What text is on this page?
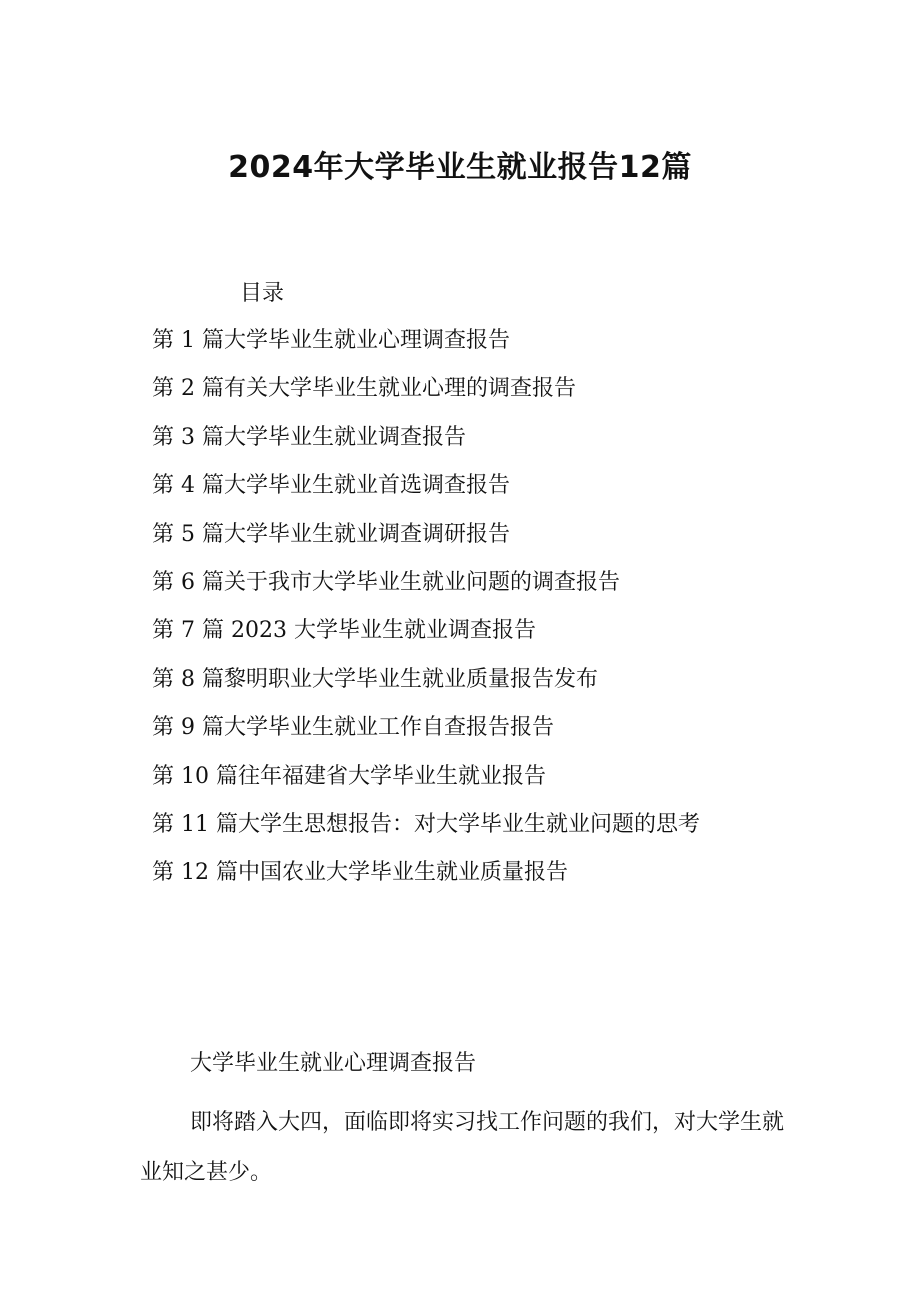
2024年大学毕业生就业报告12篇
目录
第 1 篇大学毕业生就业心理调查报告
第 2 篇有关大学毕业生就业心理的调查报告
第 3 篇大学毕业生就业调查报告
第 4 篇大学毕业生就业首选调查报告
第 5 篇大学毕业生就业调查调研报告
第 6 篇关于我市大学毕业生就业问题的调查报告
第 7 篇 2023 大学毕业生就业调查报告
第 8 篇黎明职业大学毕业生就业质量报告发布
第 9 篇大学毕业生就业工作自查报告报告
第 10 篇往年福建省大学毕业生就业报告
第 11 篇大学生思想报告：对大学毕业生就业问题的思考
第 12 篇中国农业大学毕业生就业质量报告
大学毕业生就业心理调查报告

即将踏入大四，面临即将实习找工作问题的我们，对大学生就业知之甚少。
